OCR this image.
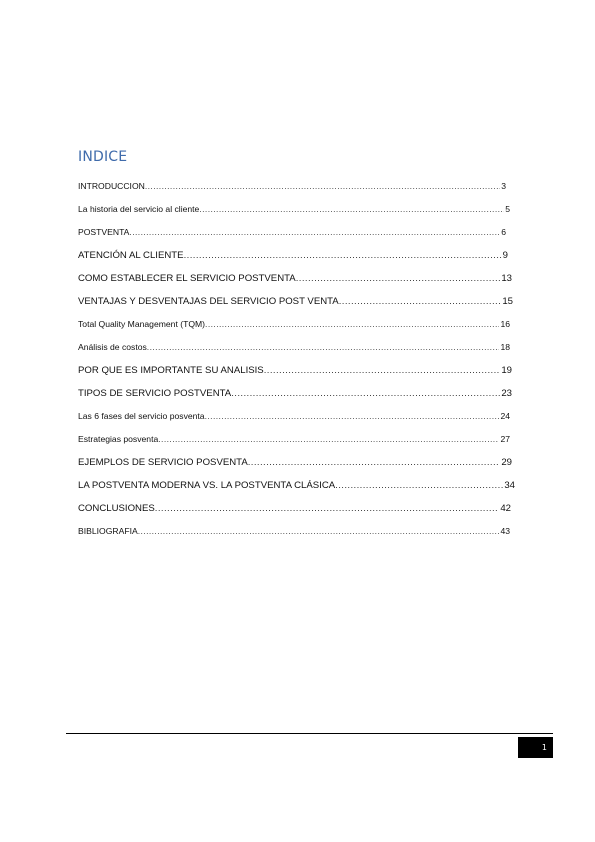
INDICE
INTRODUCCION .....	3
La historia del servicio al cliente .....	5
POSTVENTA .....	6
ATENCIÓN AL CLIENTE .....	9
COMO ESTABLECER EL SERVICIO POSTVENTA .....	13
VENTAJAS Y DESVENTAJAS DEL SERVICIO POST VENTA .....	15
Total Quality Management (TQM) .....	16
Análisis de costos .....	18
POR QUE ES IMPORTANTE SU ANALISIS .....	19
TIPOS DE SERVICIO POSTVENTA .....	23
Las 6 fases del servicio posventa .....	24
Estrategias posventa .....	27
EJEMPLOS DE SERVICIO POSVENTA .....	29
LA POSTVENTA MODERNA VS. LA POSTVENTA CLÁSICA .....	34
CONCLUSIONES .....	42
BIBLIOGRAFIA .....	43
1
